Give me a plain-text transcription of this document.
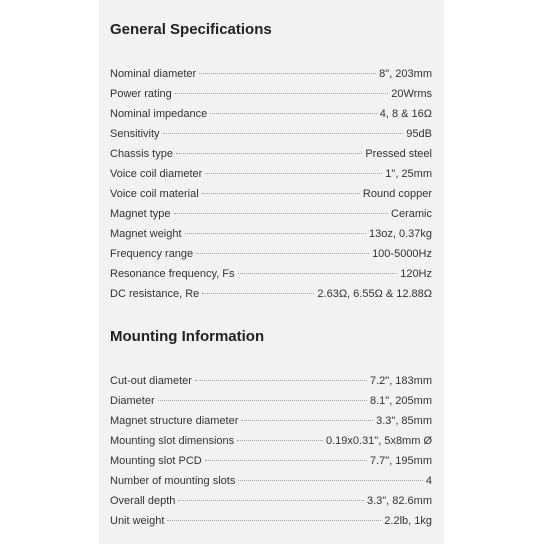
General Specifications
Nominal diameter	8", 203mm
Power rating	20Wrms
Nominal impedance	4, 8 & 16Ω
Sensitivity	95dB
Chassis type	Pressed steel
Voice coil diameter	1", 25mm
Voice coil material	Round copper
Magnet type	Ceramic
Magnet weight	13oz, 0.37kg
Frequency range	100-5000Hz
Resonance frequency, Fs	120Hz
DC resistance, Re	2.63Ω, 6.55Ω & 12.88Ω
Mounting Information
Cut-out diameter	7.2", 183mm
Diameter	8.1", 205mm
Magnet structure diameter	3.3", 85mm
Mounting slot dimensions	0.19x0.31", 5x8mm Ø
Mounting slot PCD	7.7", 195mm
Number of mounting slots	4
Overall depth	3.3", 82.6mm
Unit weight	2.2lb, 1kg
